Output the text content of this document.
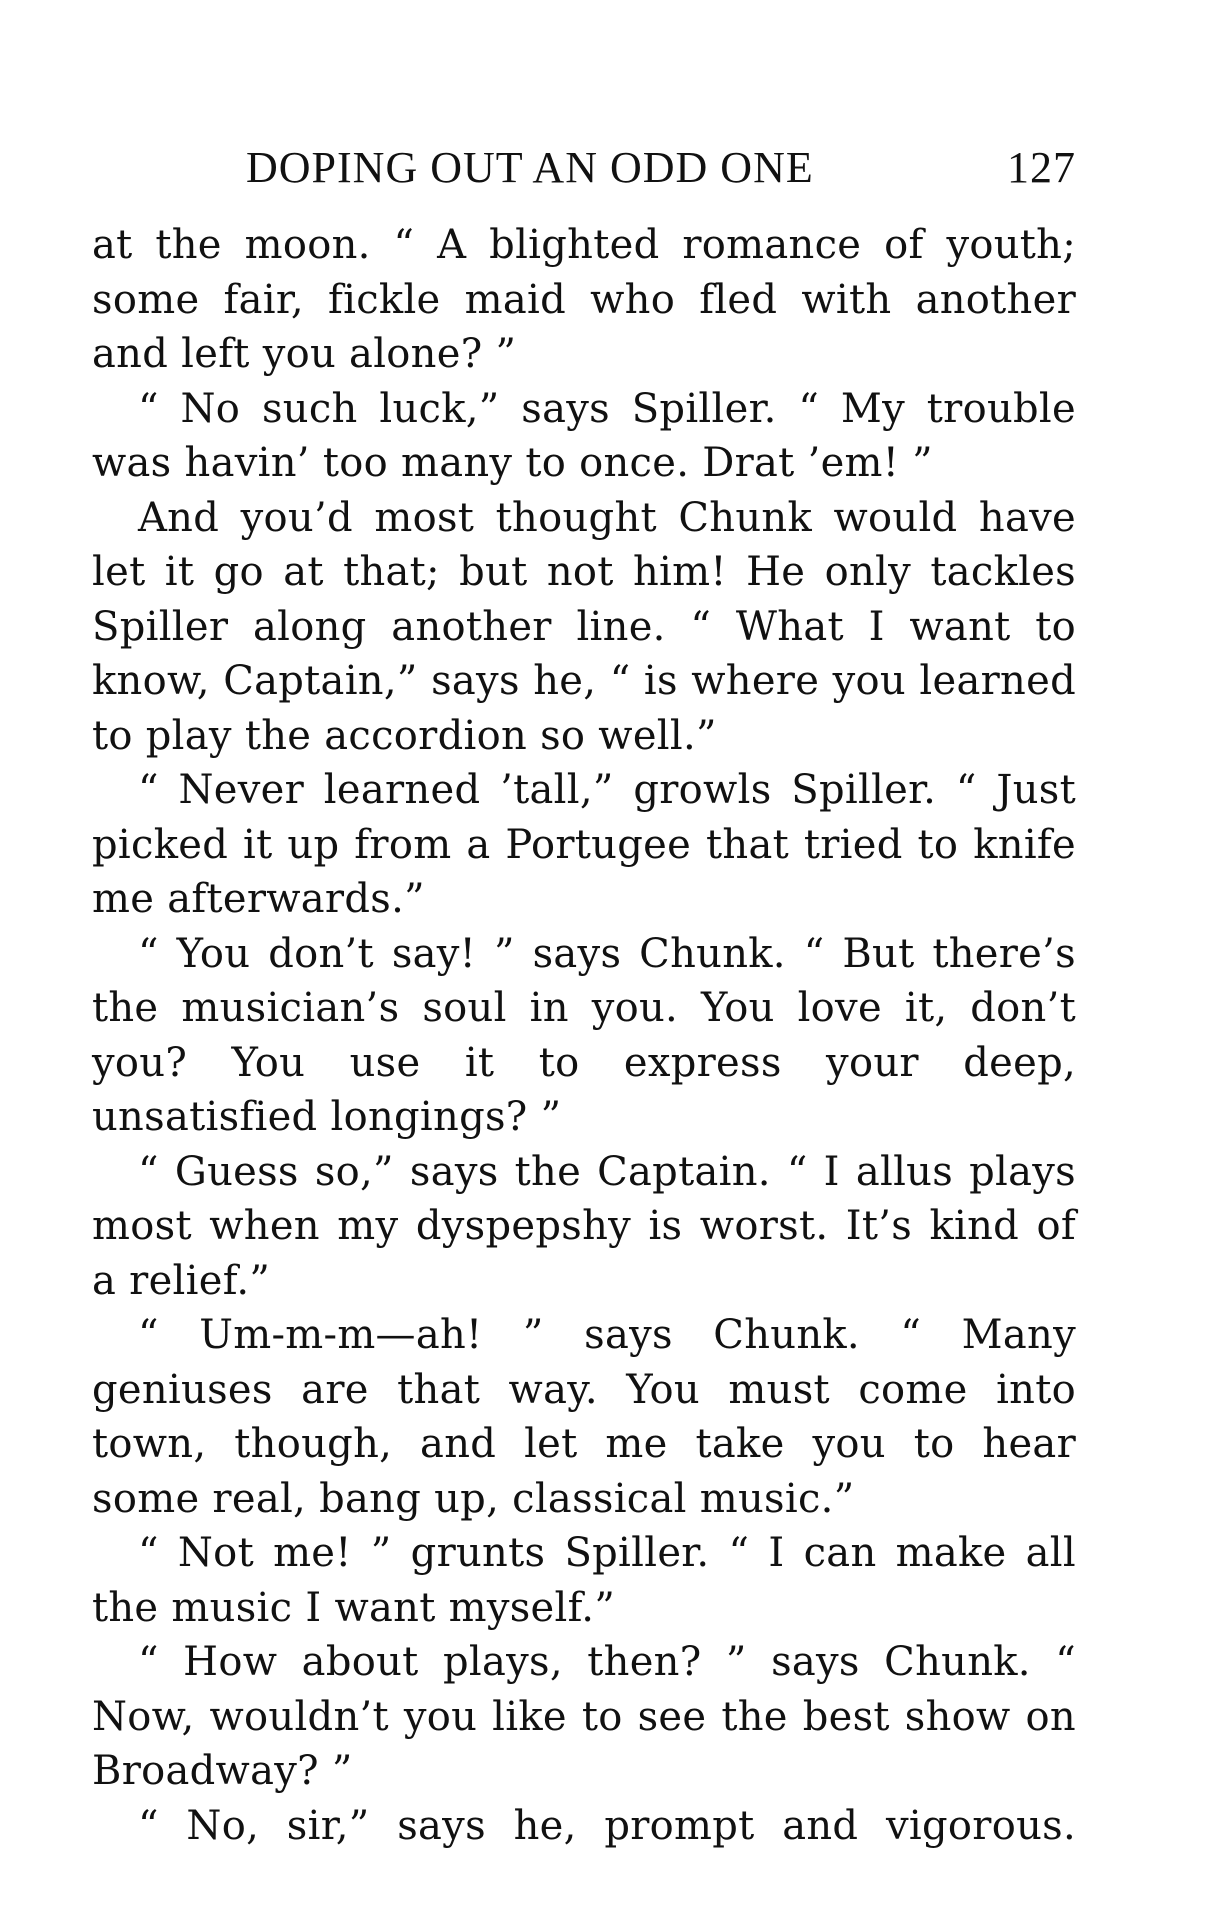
DOPING OUT AN ODD ONE	127

at the moon. “ A blighted romance of youth; some fair, fickle maid who fled with another and left you alone? ”

“ No such luck,” says Spiller. “ My trouble was havin’ too many to once. Drat ’em! ”

And you’d most thought Chunk would have let it go at that; but not him! He only tackles Spiller along another line. “ What I want to know, Captain,” says he, “ is where you learned to play the accordion so well.”

“ Never learned ’tall,” growls Spiller. “ Just picked it up from a Portugee that tried to knife me afterwards.”

“ You don’t say! ” says Chunk. “ But there’s the musician’s soul in you. You love it, don’t you? You use it to express your deep, unsatisfied longings? ”

“ Guess so,” says the Captain. “ I allus plays most when my dyspepshy is worst. It’s kind of a relief.”

“ Um-m-m—ah! ” says Chunk. “ Many geniuses are that way. You must come into town, though, and let me take you to hear some real, bang up, classical music.”

“ Not me! ” grunts Spiller. “ I can make all the music I want myself.”

“ How about plays, then? ” says Chunk. “ Now, wouldn’t you like to see the best show on Broadway? ”

“ No, sir,” says he, prompt and vigorous.
